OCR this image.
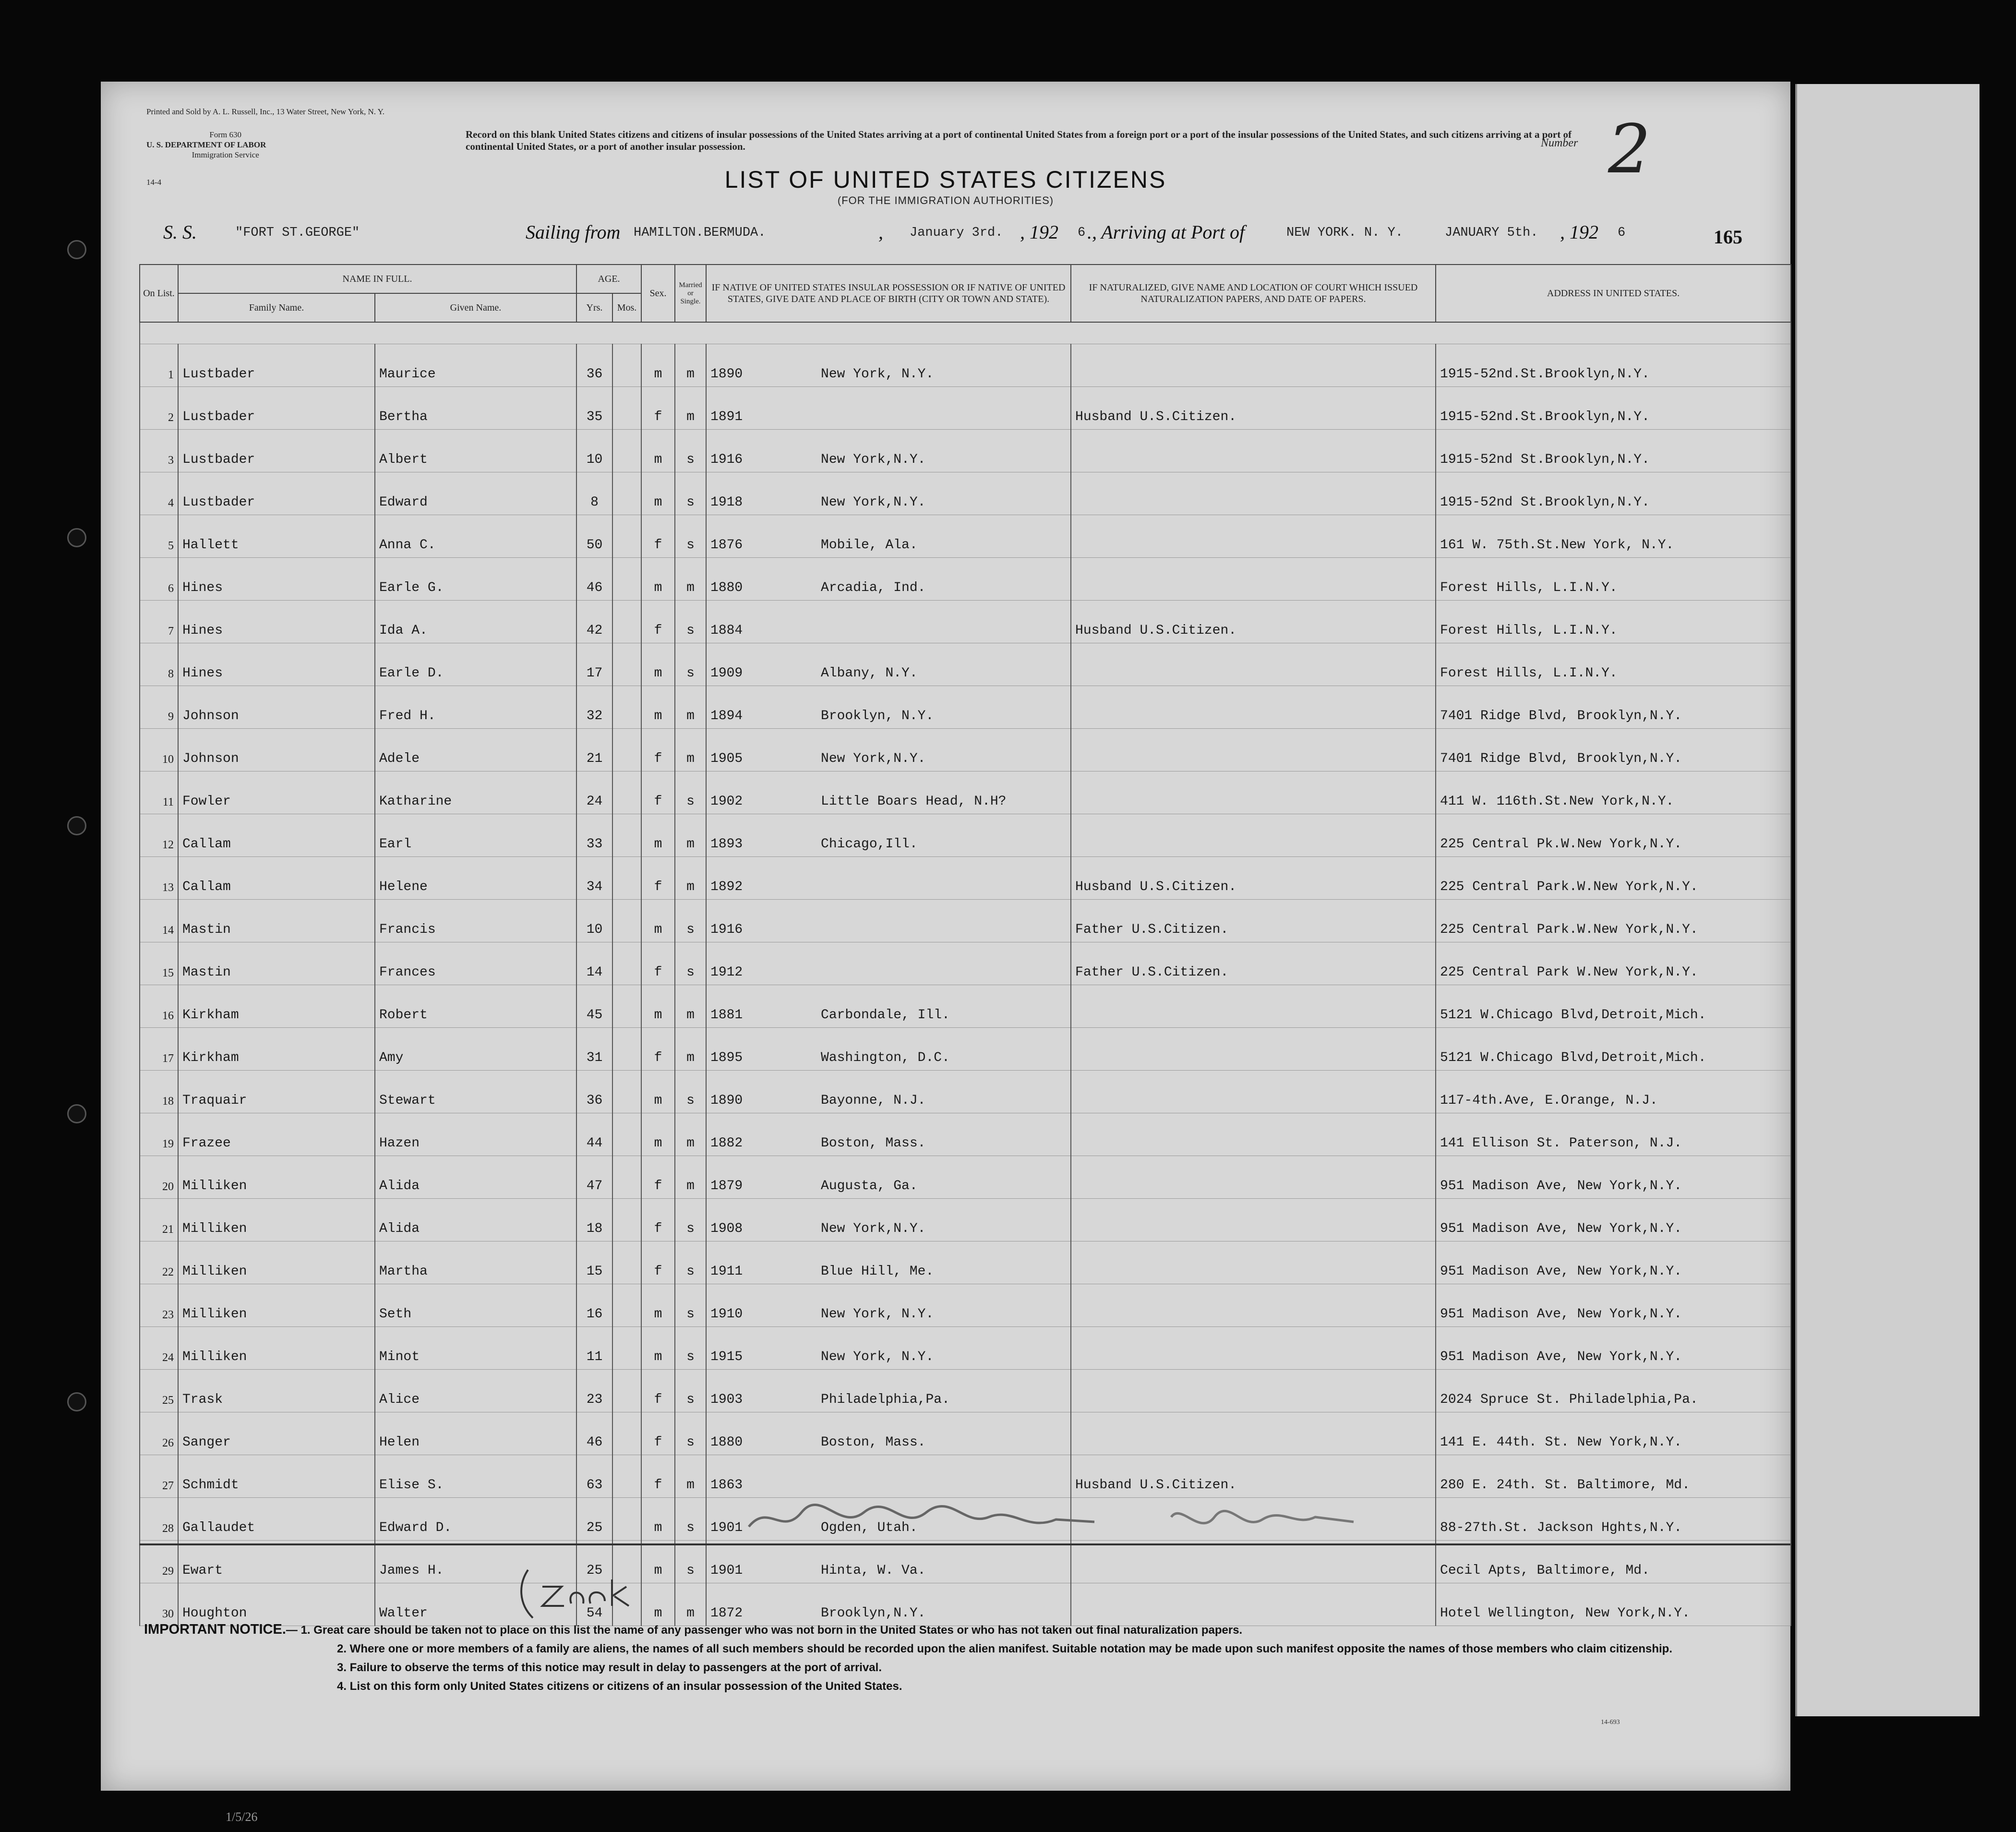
Printed and Sold by A. L. Russell, Inc., 13 Water Street, New York, N. Y.
Form 630
U. S. DEPARTMENT OF LABOR
Immigration Service
14-4
Record on this blank United States citizens and citizens of insular possessions of the United States arriving at a port of continental United States from a foreign port or a port of the insular possessions of the United States, and such citizens arriving at a port of continental United States, or a port of another insular possession.	Number 2
LIST OF UNITED STATES CITIZENS
(FOR THE IMMIGRATION AUTHORITIES)
S. S.	"FORT ST.GEORGE"	Sailing from HAMILTON.BERMUDA.	, January 3rd. , 192 6 ., Arriving at Port of	NEW YORK. N. Y.	JANUARY 5th. , 192 6	165
On List.	NAME IN FULL.		AGE.		Sex.	Married or Single.	IF NATIVE OF UNITED STATES INSULAR POSSESSION OR IF NATIVE OF UNITED STATES, GIVE DATE AND PLACE OF BIRTH (CITY OR TOWN AND STATE).	IF NATURALIZED, GIVE NAME AND LOCATION OF COURT WHICH ISSUED NATURALIZATION PAPERS, AND DATE OF PAPERS.	ADDRESS IN UNITED STATES.
	Family Name.	Given Name.	Yrs.	Mos.					

1	Lustbader	Maurice	36		m	m	1890 New York, N.Y.		1915-52nd.St.Brooklyn,N.Y.
2	Lustbader	Bertha	35		f	m	1891	Husband U.S.Citizen.	1915-52nd.St.Brooklyn,N.Y.
3	Lustbader	Albert	10		m	s	1916 New York,N.Y.		1915-52nd St.Brooklyn,N.Y.
4	Lustbader	Edward	8		m	s	1918 New York,N.Y.		1915-52nd St.Brooklyn,N.Y.
5	Hallett	Anna C.	50		f	s	1876 Mobile, Ala.		161 W. 75th.St.New York, N.Y.
6	Hines	Earle G.	46		m	m	1880 Arcadia, Ind.		Forest Hills, L.I.N.Y.
7	Hines	Ida A.	42		f	s	1884	Husband U.S.Citizen.	Forest Hills, L.I.N.Y.
8	Hines	Earle D.	17		m	s	1909 Albany, N.Y.		Forest Hills, L.I.N.Y.
9	Johnson	Fred H.	32		m	m	1894 Brooklyn, N.Y.		7401 Ridge Blvd, Brooklyn,N.Y.
10	Johnson	Adele	21		f	m	1905 New York,N.Y.		7401 Ridge Blvd, Brooklyn,N.Y.
11	Fowler	Katharine	24		f	s	1902 Little Boars Head, N.H?		411 W. 116th.St.New York,N.Y.
12	Callam	Earl	33		m	m	1893 Chicago,Ill.		225 Central Pk.W.New York,N.Y.
13	Callam	Helene	34		f	m	1892	Husband U.S.Citizen.	225 Central Park.W.New York,N.Y.
14	Mastin	Francis	10		m	s	1916	Father U.S.Citizen.	225 Central Park.W.New York,N.Y.
15	Mastin	Frances	14		f	s	1912	Father U.S.Citizen.	225 Central Park W.New York,N.Y.
16	Kirkham	Robert	45		m	m	1881 Carbondale, Ill.		5121 W.Chicago Blvd,Detroit,Mich.
17	Kirkham	Amy	31		f	m	1895 Washington, D.C.		5121 W.Chicago Blvd,Detroit,Mich.
18	Traquair	Stewart	36		m	s	1890 Bayonne, N.J.		117-4th.Ave, E.Orange, N.J.
19	Frazee	Hazen	44		m	m	1882 Boston, Mass.		141 Ellison St. Paterson, N.J.
20	Milliken	Alida	47		f	m	1879 Augusta, Ga.		951 Madison Ave, New York,N.Y.
21	Milliken	Alida	18		f	s	1908 New York,N.Y.		951 Madison Ave, New York,N.Y.
22	Milliken	Martha	15		f	s	1911 Blue Hill, Me.		951 Madison Ave, New York,N.Y.
23	Milliken	Seth	16		m	s	1910 New York, N.Y.		951 Madison Ave, New York,N.Y.
24	Milliken	Minot	11		m	s	1915 New York, N.Y.		951 Madison Ave, New York,N.Y.
25	Trask	Alice	23		f	s	1903 Philadelphia,Pa.		2024 Spruce St. Philadelphia,Pa.
26	Sanger	Helen	46		f	s	1880 Boston, Mass.		141 E. 44th. St. New York,N.Y.
27	Schmidt	Elise S.	63		f	m	1863	Husband U.S.Citizen.	280 E. 24th. St. Baltimore, Md.
28	Gallaudet	Edward D.	25		m	s	1901 Ogden, Utah.		88-27th.St. Jackson Hghts,N.Y.
29	Ewart	James H.	25		m	s	1901 Hinta, W. Va.		Cecil Apts, Baltimore, Md.
30	Houghton	Walter	54		m	m	1872 Brooklyn,N.Y.		Hotel Wellington, New York,N.Y.
IMPORTANT NOTICE.— 1. Great care should be taken not to place on this list the name of any passenger who was not born in the United States or who has not taken out final naturalization papers.
2. Where one or more members of a family are aliens, the names of all such members should be recorded upon the alien manifest. Suitable notation may be made upon such manifest opposite the names of those members who claim citizenship.
3. Failure to observe the terms of this notice may result in delay to passengers at the port of arrival.
4. List on this form only United States citizens or citizens of an insular possession of the United States.
14-693
1/5/26
